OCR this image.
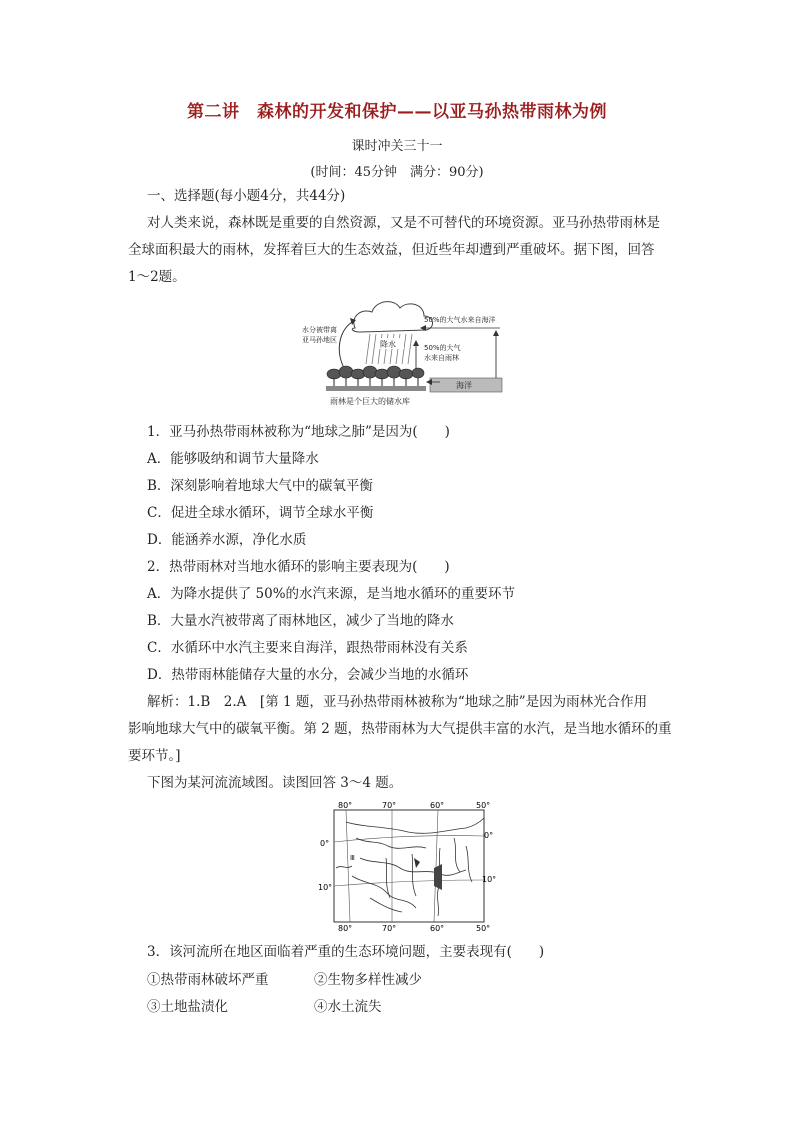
第二讲　森林的开发和保护——以亚马孙热带雨林为例
课时冲关三十一
(时间：45分钟　满分：90分)
一、选择题(每小题4分，共44分)
对人类来说，森林既是重要的自然资源，又是不可替代的环境资源。亚马孙热带雨林是
全球面积最大的雨林，发挥着巨大的生态效益，但近些年却遭到严重破坏。据下图，回答
1～2题。
降水
水分被带离
亚马孙地区
50%的大气水来自海洋
50%的大气
水来自雨林
海洋
雨林是个巨大的储水库
1．亚马孙热带雨林被称为“地球之肺”是因为(　　)
A．能够吸纳和调节大量降水
B．深刻影响着地球大气中的碳氧平衡
C．促进全球水循环，调节全球水平衡
D．能涵养水源，净化水质
2．热带雨林对当地水循环的影响主要表现为(　　)
A．为降水提供了 50%的水汽来源，是当地水循环的重要环节
B．大量水汽被带离了雨林地区，减少了当地的降水
C．水循环中水汽主要来自海洋，跟热带雨林没有关系
D．热带雨林能储存大量的水分，会减少当地的水循环
解析：1.B　2.A　[第 1 题，亚马孙热带雨林被称为“地球之肺”是因为雨林光合作用
影响地球大气中的碳氧平衡。第 2 题，热带雨林为大气提供丰富的水汽，是当地水循环的重
要环节。]
下图为某河流流域图。读图回答 3～4 题。
80°	70°	60°	50°
80°	70°	60°	50°
0°
10°
0°
10°
Ⅲ
3．该河流所在地区面临着严重的生态环境问题，主要表现有(　　)
①热带雨林破坏严重	②生物多样性减少
③土地盐渍化	④水土流失
